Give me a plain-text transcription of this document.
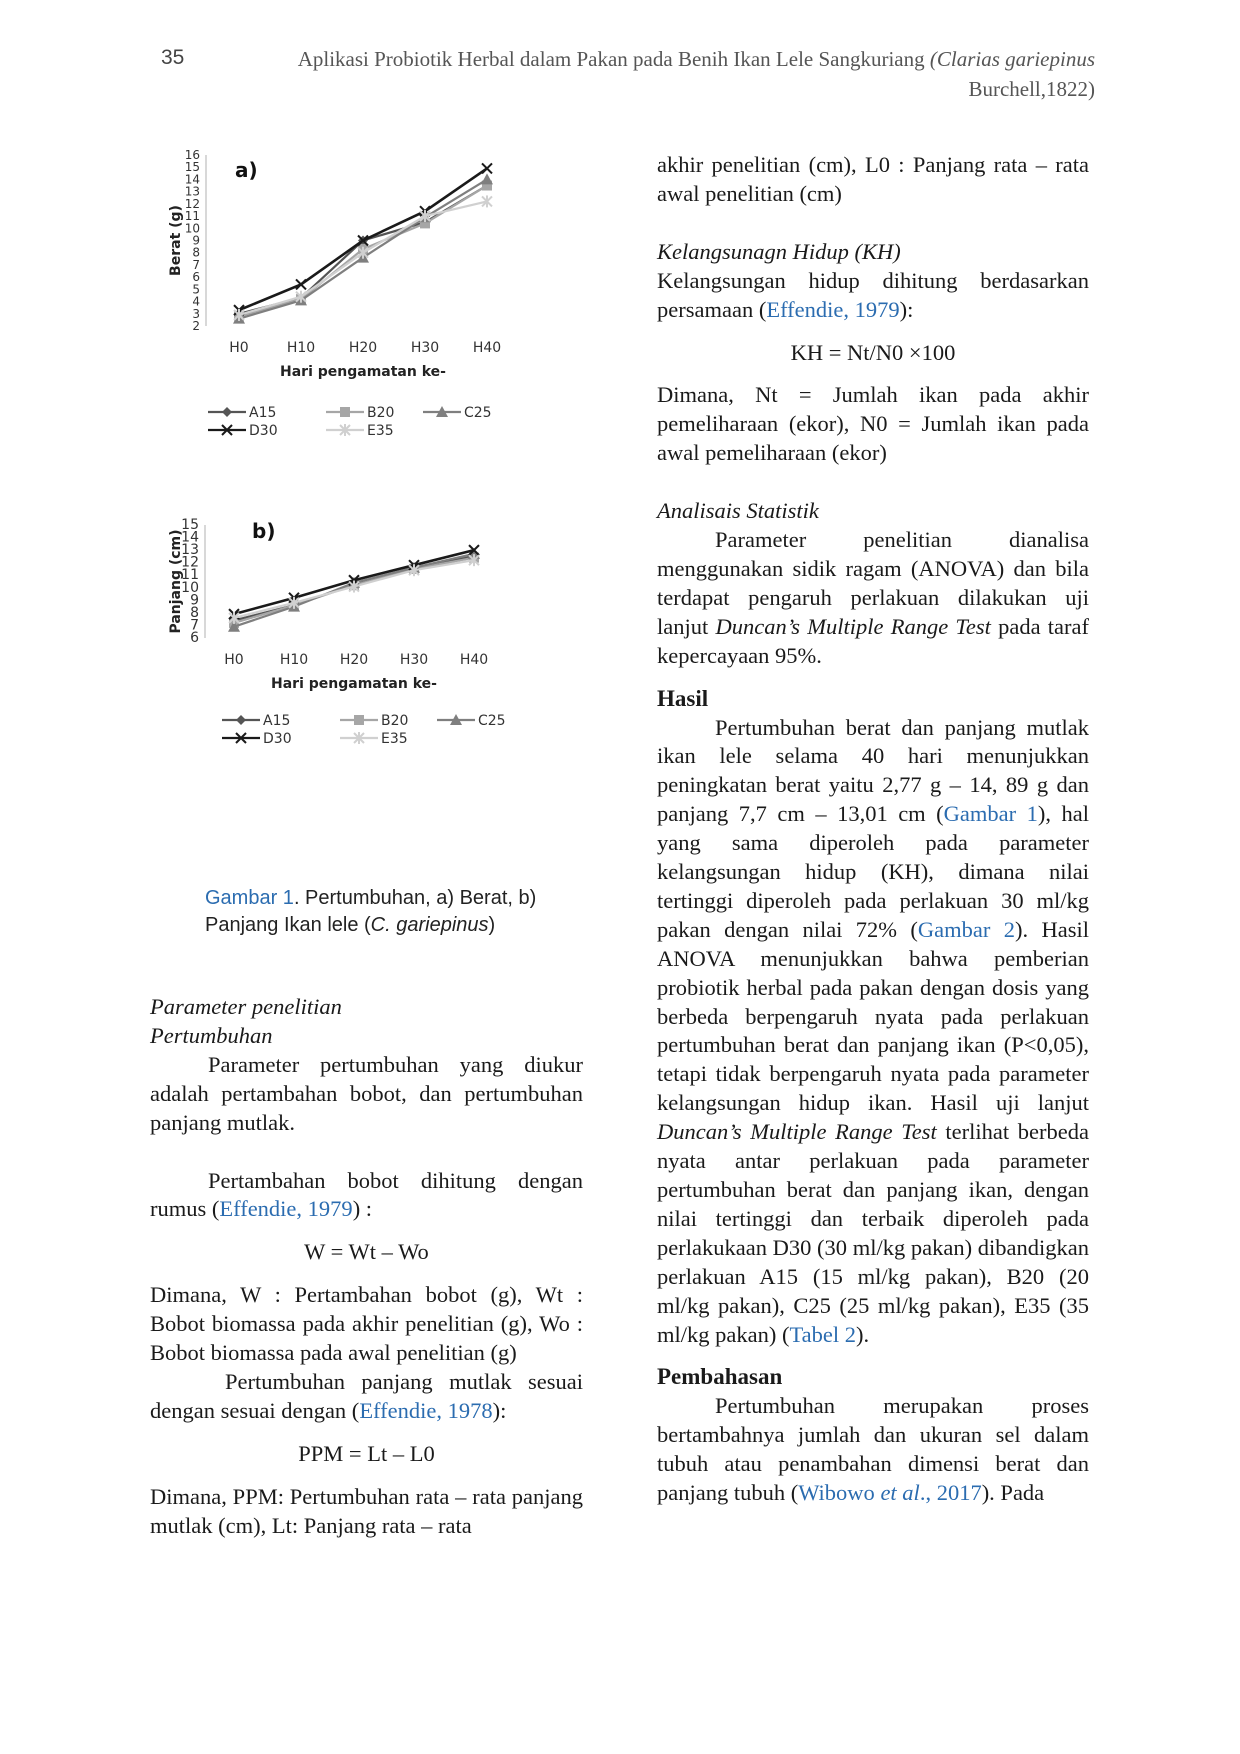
35	Aplikasi Probiotik Herbal dalam Pakan pada Benih Ikan Lele Sangkuriang (Clarias gariepinus
Burchell,1822)
2
3
4
5
6
7
8
9
10
11
12
13
14
15
16
H0	H10 H20 H30 H40
Hari pengamatan ke-
Berat (g)
a)
A15	B20	C25
D30	E35
6
7
8
9
10
11
12
13
14
15
H0	H10 H20 H30 H40
Hari pengamatan ke-
Panjang (cm)	b)
A15	B20	C25
D30	E35
Gambar 1. Pertumbuhan, a) Berat, b)
Panjang Ikan lele (C. gariepinus)

Parameter penelitian

Pertumbuhan

Parameter pertumbuhan yang diukur adalah pertambahan bobot, dan pertumbuhan panjang mutlak.

Pertambahan bobot dihitung dengan rumus (Effendie, 1979) :

W = Wt – Wo

Dimana, W : Pertambahan bobot (g), Wt : Bobot biomassa pada akhir penelitian (g), Wo : Bobot biomassa pada awal penelitian (g)

Pertumbuhan panjang mutlak sesuai dengan sesuai dengan (Effendie, 1978):

PPM = Lt – L0

Dimana, PPM: Pertumbuhan rata – rata panjang mutlak (cm), Lt: Panjang rata – rata

akhir penelitian (cm), L0 : Panjang rata – rata awal penelitian (cm)

Kelangsunagn Hidup (KH)

Kelangsungan hidup dihitung berdasarkan persamaan (Effendie, 1979):

KH = Nt/N0 ×100

Dimana, Nt = Jumlah ikan pada akhir pemeliharaan (ekor), N0 = Jumlah ikan pada awal pemeliharaan (ekor)

Analisais Statistik

Parameter penelitian dianalisa menggunakan sidik ragam (ANOVA) dan bila terdapat pengaruh perlakuan dilakukan uji lanjut Duncan’s Multiple Range Test pada taraf kepercayaan 95%.

Hasil

Pertumbuhan berat dan panjang mutlak ikan lele selama 40 hari menunjukkan peningkatan berat yaitu 2,77 g – 14, 89 g dan panjang 7,7 cm – 13,01 cm (Gambar 1), hal yang sama diperoleh pada parameter kelangsungan hidup (KH), dimana nilai tertinggi diperoleh pada perlakuan 30 ml/kg pakan dengan nilai 72% (Gambar 2). Hasil ANOVA menunjukkan bahwa pemberian probiotik herbal pada pakan dengan dosis yang berbeda berpengaruh nyata pada perlakuan pertumbuhan berat dan panjang ikan (P<0,05), tetapi tidak berpengaruh nyata pada parameter kelangsungan hidup ikan. Hasil uji lanjut Duncan’s Multiple Range Test terlihat berbeda nyata antar perlakuan pada parameter pertumbuhan berat dan panjang ikan, dengan nilai tertinggi dan terbaik diperoleh pada perlakukaan D30 (30 ml/kg pakan) dibandigkan perlakuan A15 (15 ml/kg pakan), B20 (20 ml/kg pakan), C25 (25 ml/kg pakan), E35 (35 ml/kg pakan) (Tabel 2).

Pembahasan

Pertumbuhan merupakan proses bertambahnya jumlah dan ukuran sel dalam tubuh atau penambahan dimensi berat dan panjang tubuh (Wibowo et al., 2017). Pada
